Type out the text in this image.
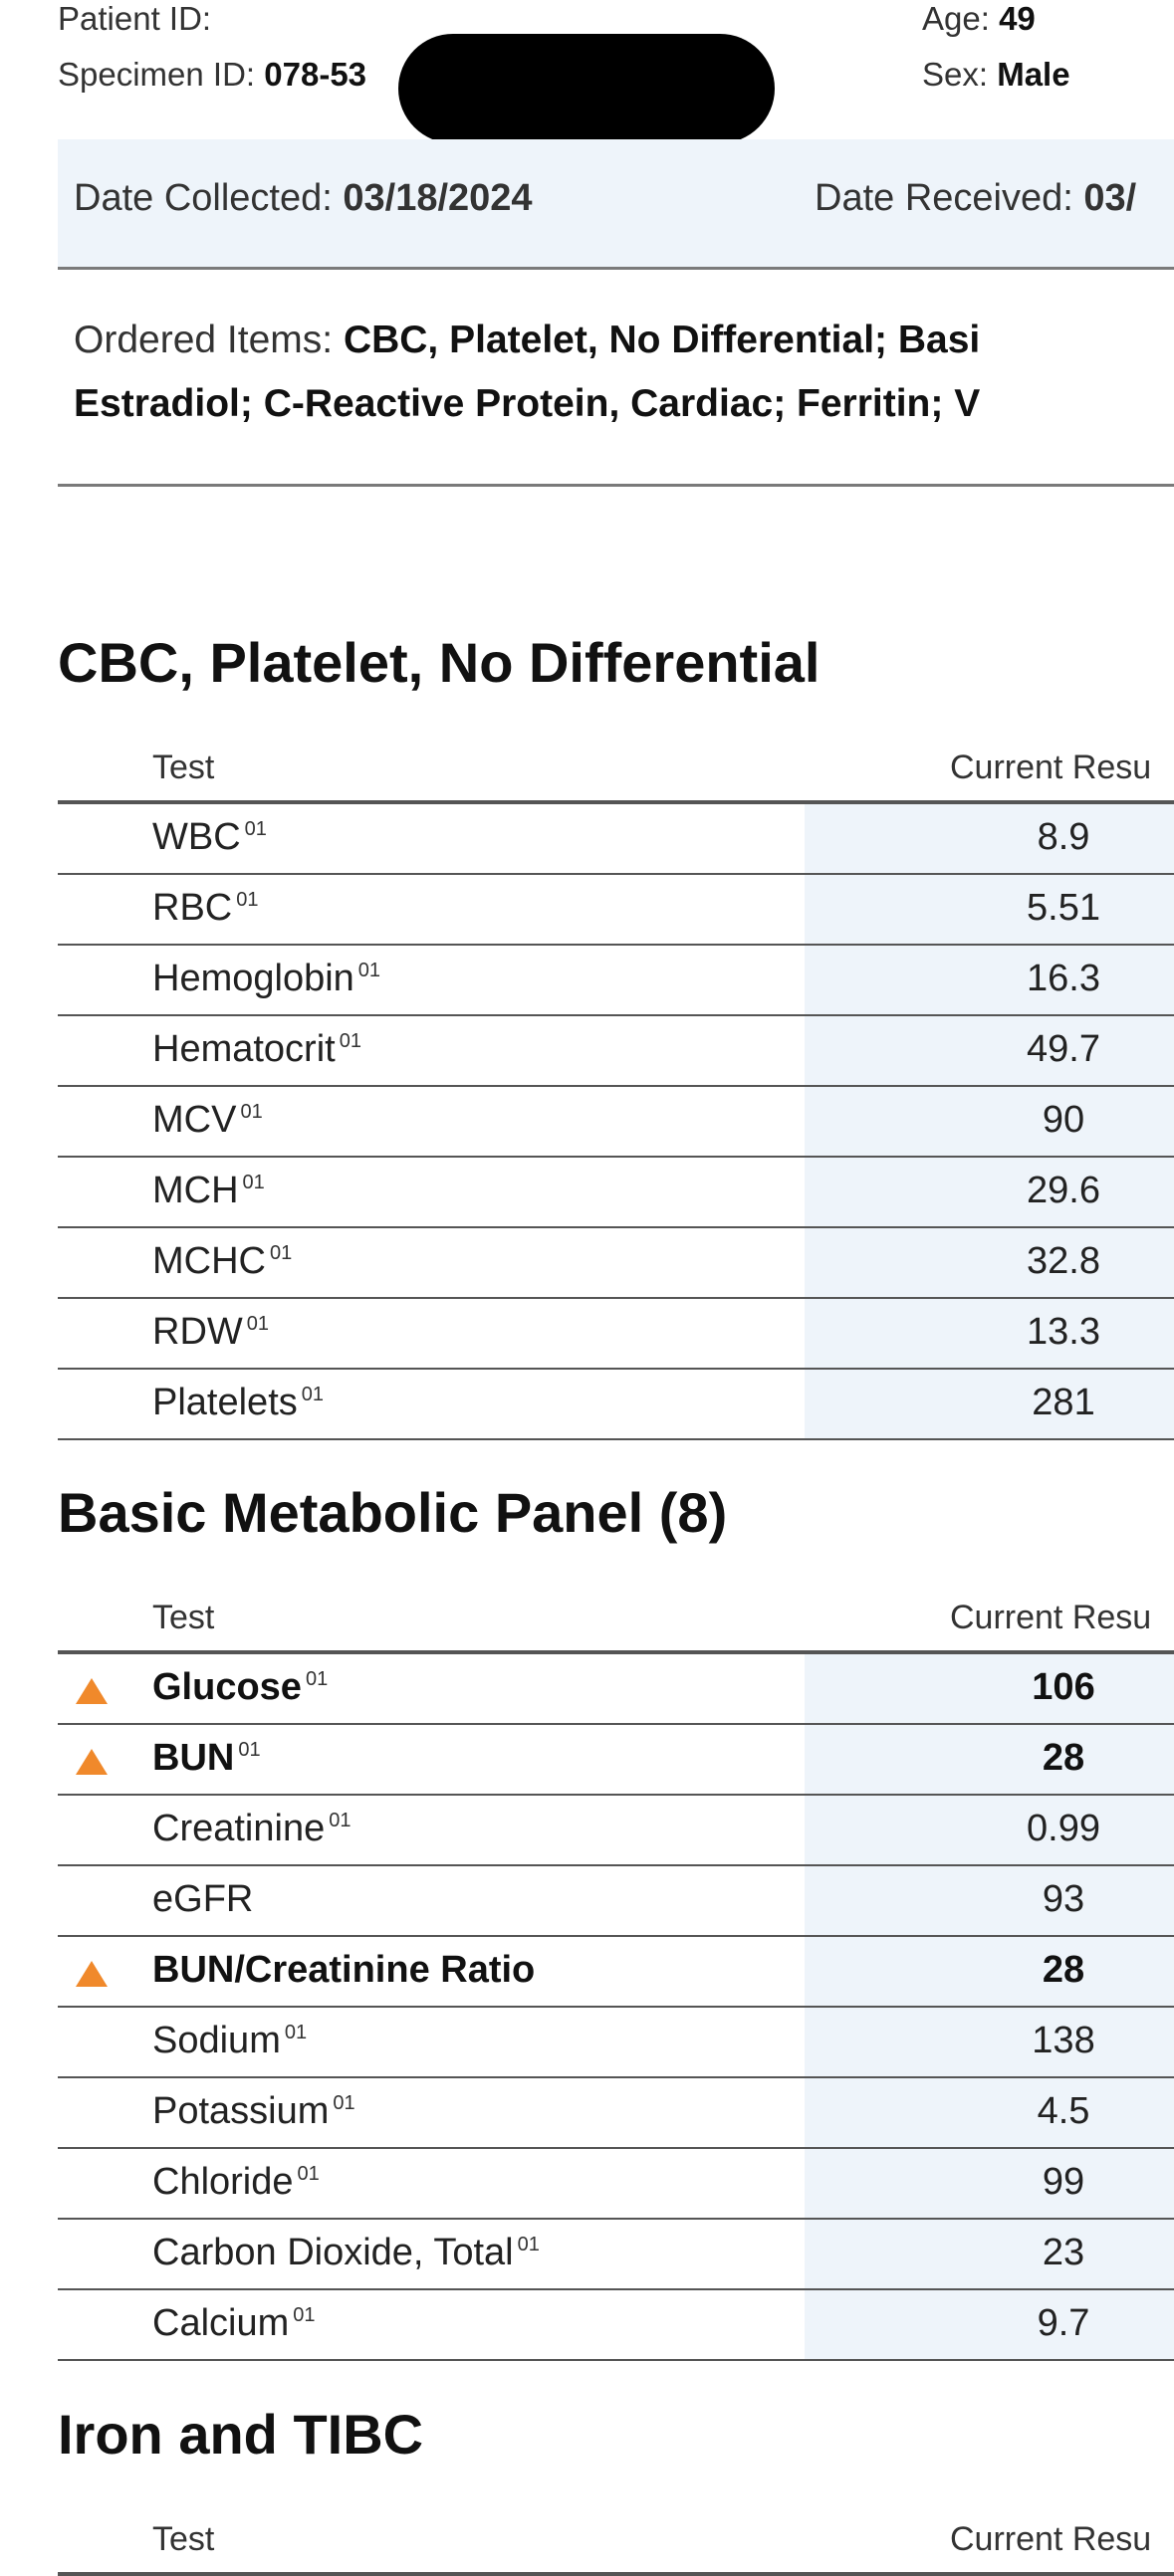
Patient ID:
Specimen ID: 078-53
Age: 49
Sex: Male
Date Collected: 03/18/2024	Date Received: 03/
Ordered Items: CBC, Platelet, No Differential; Basi
Estradiol; C-Reactive Protein, Cardiac; Ferritin; V
CBC, Platelet, No Differential
Test	Current Resu
WBC $^{01}$	8.9
RBC $^{01}$	5.51
Hemoglobin $^{01}$	16.3
Hematocrit $^{01}$	49.7
MCV $^{01}$	90
MCH $^{01}$	29.6
MCHC $^{01}$	32.8
RDW $^{01}$	13.3
Platelets $^{01}$	281
Basic Metabolic Panel (8)
Test	Current Resu
Glucose $^{01}$	106
BUN $^{01}$	28
Creatinine $^{01}$	0.99
eGFR	93
BUN/Creatinine Ratio	28
Sodium $^{01}$	138
Potassium $^{01}$	4.5
Chloride $^{01}$	99
Carbon Dioxide, Total $^{01}$	23
Calcium $^{01}$	9.7
Iron and TIBC
Test	Current Resu
